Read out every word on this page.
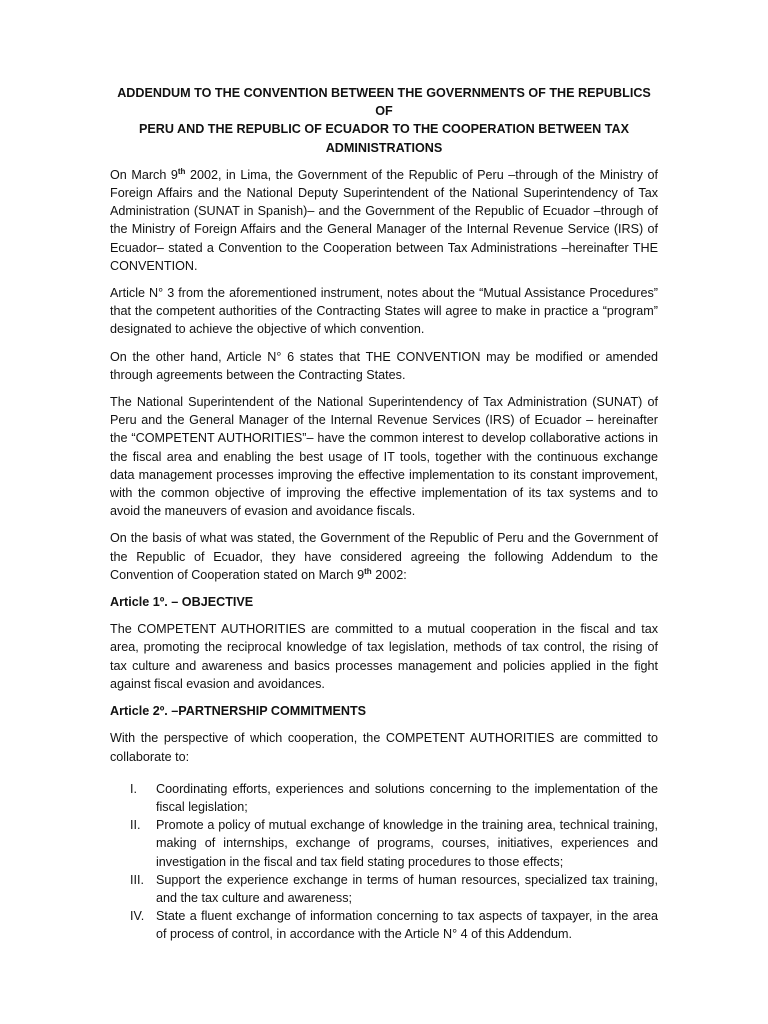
ADDENDUM TO THE CONVENTION BETWEEN THE GOVERNMENTS OF THE REPUBLICS OF
PERU AND THE REPUBLIC OF ECUADOR TO THE COOPERATION BETWEEN TAX
ADMINISTRATIONS

On March 9th 2002, in Lima, the Government of the Republic of Peru –through of the Ministry of Foreign Affairs and the National Deputy Superintendent of the National Superintendency of Tax Administration (SUNAT in Spanish)– and the Government of the Republic of Ecuador –through of the Ministry of Foreign Affairs and the General Manager of the Internal Revenue Service (IRS) of Ecuador– stated a Convention to the Cooperation between Tax Administrations –hereinafter THE CONVENTION.

Article N° 3 from the aforementioned instrument, notes about the “Mutual Assistance Procedures” that the competent authorities of the Contracting States will agree to make in practice a “program” designated to achieve the objective of which convention.

On the other hand, Article N° 6 states that THE CONVENTION may be modified or amended through agreements between the Contracting States.

The National Superintendent of the National Superintendency of Tax Administration (SUNAT) of Peru and the General Manager of the Internal Revenue Services (IRS) of Ecuador – hereinafter the “COMPETENT AUTHORITIES”– have the common interest to develop collaborative actions in the fiscal area and enabling the best usage of IT tools, together with the continuous exchange data management processes improving the effective implementation to its constant improvement, with the common objective of improving the effective implementation of its tax systems and to avoid the maneuvers of evasion and avoidance fiscals.

On the basis of what was stated, the Government of the Republic of Peru and the Government of the Republic of Ecuador, they have considered agreeing the following Addendum to the Convention of Cooperation stated on March 9th 2002:

Article 1º. – OBJECTIVE

The COMPETENT AUTHORITIES are committed to a mutual cooperation in the fiscal and tax area, promoting the reciprocal knowledge of tax legislation, methods of tax control, the rising of tax culture and awareness and basics processes management and policies applied in the fight against fiscal evasion and avoidances.

Article 2º. –PARTNERSHIP COMMITMENTS

With the perspective of which cooperation, the COMPETENT AUTHORITIES are committed to collaborate to:

I.	Coordinating efforts, experiences and solutions concerning to the implementation of the fiscal legislation;
II.	Promote a policy of mutual exchange of knowledge in the training area, technical training, making of internships, exchange of programs, courses, initiatives, experiences and investigation in the fiscal and tax field stating procedures to those effects;
III. Support the experience exchange in terms of human resources, specialized tax training, and the tax culture and awareness;
IV. State a fluent exchange of information concerning to tax aspects of taxpayer, in the area of process of control, in accordance with the Article N° 4 of this Addendum.
